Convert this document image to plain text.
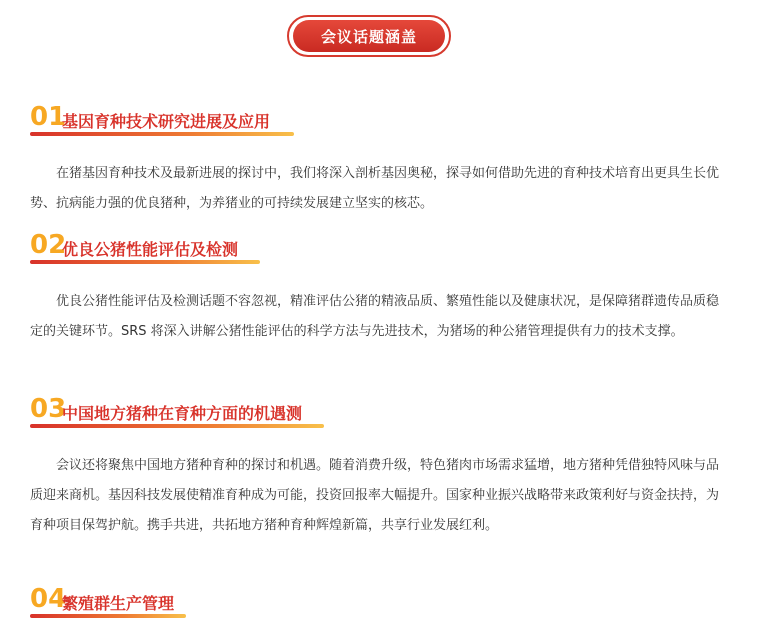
会议话题涵盖
01
基因育种技术研究进展及应用

在猪基因育种技术及最新进展的探讨中，我们将深入剖析基因奥秘，探寻如何借助先进的育种技术培育出更具生长优势、抗病能力强的优良猪种，为养猪业的可持续发展建立坚实的核芯。

02
优良公猪性能评估及检测

优良公猪性能评估及检测话题不容忽视，精准评估公猪的精液品质、繁殖性能以及健康状况，是保障猪群遗传品质稳定的关键环节。SRS 将深入讲解公猪性能评估的科学方法与先进技术，为猪场的种公猪管理提供有力的技术支撑。

03
中国地方猪种在育种方面的机遇测

会议还将聚焦中国地方猪种育种的探讨和机遇。随着消费升级，特色猪肉市场需求猛增，地方猪种凭借独特风味与品质迎来商机。基因科技发展使精准育种成为可能，投资回报率大幅提升。国家种业振兴战略带来政策利好与资金扶持，为育种项目保驾护航。携手共进，共拓地方猪种育种辉煌新篇，共享行业发展红利。

04
繁殖群生产管理
